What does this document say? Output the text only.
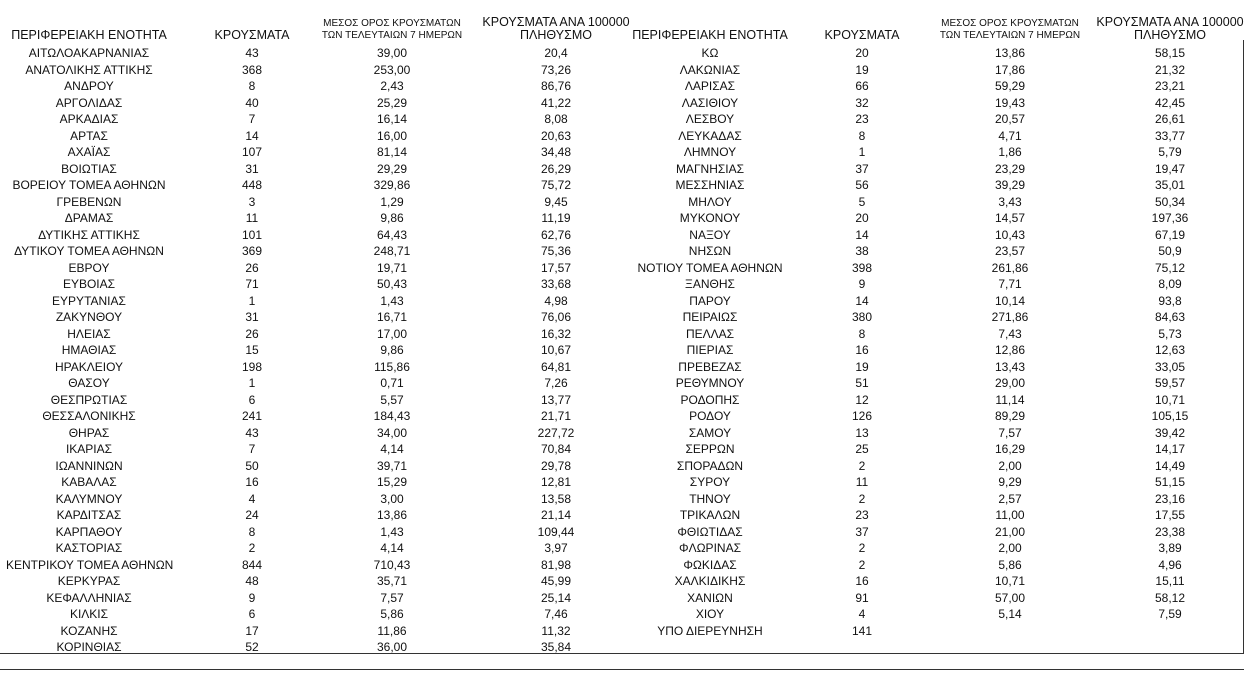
ΠΕΡΙΦΕΡΕΙΑΚΗ ΕΝΟΤΗΤΑ	ΚΡΟΥΣΜΑΤΑ
ΜΕΣΟΣ ΟΡΟΣ ΚΡΟΥΣΜΑΤΩΝ
ΤΩΝ ΤΕΛΕΥΤΑΙΩΝ 7 ΗΜΕΡΩΝ
ΚΡΟΥΣΜΑΤΑ ΑΝΑ 100000
ΠΛΗΘΥΣΜΟ
ΑΙΤΩΛΟΑΚΑΡΝΑΝΙΑΣ	43	39,00	20,4
ΑΝΑΤΟΛΙΚΗΣ ΑΤΤΙΚΗΣ	368	253,00	73,26
ΑΝΔΡΟΥ	8	2,43	86,76
ΑΡΓΟΛΙΔΑΣ	40	25,29	41,22
ΑΡΚΑΔΙΑΣ	7	16,14	8,08
ΑΡΤΑΣ	14	16,00	20,63
ΑΧΑΪΑΣ	107	81,14	34,48
ΒΟΙΩΤΙΑΣ	31	29,29	26,29
ΒΟΡΕΙΟΥ ΤΟΜΕΑ ΑΘΗΝΩΝ	448	329,86	75,72
ΓΡΕΒΕΝΩΝ	3	1,29	9,45
ΔΡΑΜΑΣ	11	9,86	11,19
ΔΥΤΙΚΗΣ ΑΤΤΙΚΗΣ	101	64,43	62,76
ΔΥΤΙΚΟΥ ΤΟΜΕΑ ΑΘΗΝΩΝ	369	248,71	75,36
ΕΒΡΟΥ	26	19,71	17,57
ΕΥΒΟΙΑΣ	71	50,43	33,68
ΕΥΡΥΤΑΝΙΑΣ	1	1,43	4,98
ΖΑΚΥΝΘΟΥ	31	16,71	76,06
ΗΛΕΙΑΣ	26	17,00	16,32
ΗΜΑΘΙΑΣ	15	9,86	10,67
ΗΡΑΚΛΕΙΟΥ	198	115,86	64,81
ΘΑΣΟΥ	1	0,71	7,26
ΘΕΣΠΡΩΤΙΑΣ	6	5,57	13,77
ΘΕΣΣΑΛΟΝΙΚΗΣ	241	184,43	21,71
ΘΗΡΑΣ	43	34,00	227,72
ΙΚΑΡΙΑΣ	7	4,14	70,84
ΙΩΑΝΝΙΝΩΝ	50	39,71	29,78
ΚΑΒΑΛΑΣ	16	15,29	12,81
ΚΑΛΥΜΝΟΥ	4	3,00	13,58
ΚΑΡΔΙΤΣΑΣ	24	13,86	21,14
ΚΑΡΠΑΘΟΥ	8	1,43	109,44
ΚΑΣΤΟΡΙΑΣ	2	4,14	3,97
ΚΕΝΤΡΙΚΟΥ ΤΟΜΕΑ ΑΘΗΝΩΝ	844	710,43	81,98
ΚΕΡΚΥΡΑΣ	48	35,71	45,99
ΚΕΦΑΛΛΗΝΙΑΣ	9	7,57	25,14
ΚΙΛΚΙΣ	6	5,86	7,46
ΚΟΖΑΝΗΣ	17	11,86	11,32
ΚΟΡΙΝΘΙΑΣ	52	36,00	35,84
ΠΕΡΙΦΕΡΕΙΑΚΗ ΕΝΟΤΗΤΑ	ΚΡΟΥΣΜΑΤΑ
ΜΕΣΟΣ ΟΡΟΣ ΚΡΟΥΣΜΑΤΩΝ
ΤΩΝ ΤΕΛΕΥΤΑΙΩΝ 7 ΗΜΕΡΩΝ
ΚΡΟΥΣΜΑΤΑ ΑΝΑ 100000
ΠΛΗΘΥΣΜΟ
ΚΩ	20	13,86	58,15
ΛΑΚΩΝΙΑΣ	19	17,86	21,32
ΛΑΡΙΣΑΣ	66	59,29	23,21
ΛΑΣΙΘΙΟΥ	32	19,43	42,45
ΛΕΣΒΟΥ	23	20,57	26,61
ΛΕΥΚΑΔΑΣ	8	4,71	33,77
ΛΗΜΝΟΥ	1	1,86	5,79
ΜΑΓΝΗΣΙΑΣ	37	23,29	19,47
ΜΕΣΣΗΝΙΑΣ	56	39,29	35,01
ΜΗΛΟΥ	5	3,43	50,34
ΜΥΚΟΝΟΥ	20	14,57	197,36
ΝΑΞΟΥ	14	10,43	67,19
ΝΗΣΩΝ	38	23,57	50,9
ΝΟΤΙΟΥ ΤΟΜΕΑ ΑΘΗΝΩΝ	398	261,86	75,12
ΞΑΝΘΗΣ	9	7,71	8,09
ΠΑΡΟΥ	14	10,14	93,8
ΠΕΙΡΑΙΩΣ	380	271,86	84,63
ΠΕΛΛΑΣ	8	7,43	5,73
ΠΙΕΡΙΑΣ	16	12,86	12,63
ΠΡΕΒΕΖΑΣ	19	13,43	33,05
ΡΕΘΥΜΝΟΥ	51	29,00	59,57
ΡΟΔΟΠΗΣ	12	11,14	10,71
ΡΟΔΟΥ	126	89,29	105,15
ΣΑΜΟΥ	13	7,57	39,42
ΣΕΡΡΩΝ	25	16,29	14,17
ΣΠΟΡΑΔΩΝ	2	2,00	14,49
ΣΥΡΟΥ	11	9,29	51,15
ΤΗΝΟΥ	2	2,57	23,16
ΤΡΙΚΑΛΩΝ	23	11,00	17,55
ΦΘΙΩΤΙΔΑΣ	37	21,00	23,38
ΦΛΩΡΙΝΑΣ	2	2,00	3,89
ΦΩΚΙΔΑΣ	2	5,86	4,96
ΧΑΛΚΙΔΙΚΗΣ	16	10,71	15,11
ΧΑΝΙΩΝ	91	57,00	58,12
ΧΙΟΥ	4	5,14	7,59
ΥΠΟ ΔΙΕΡΕΥΝΗΣΗ	141
